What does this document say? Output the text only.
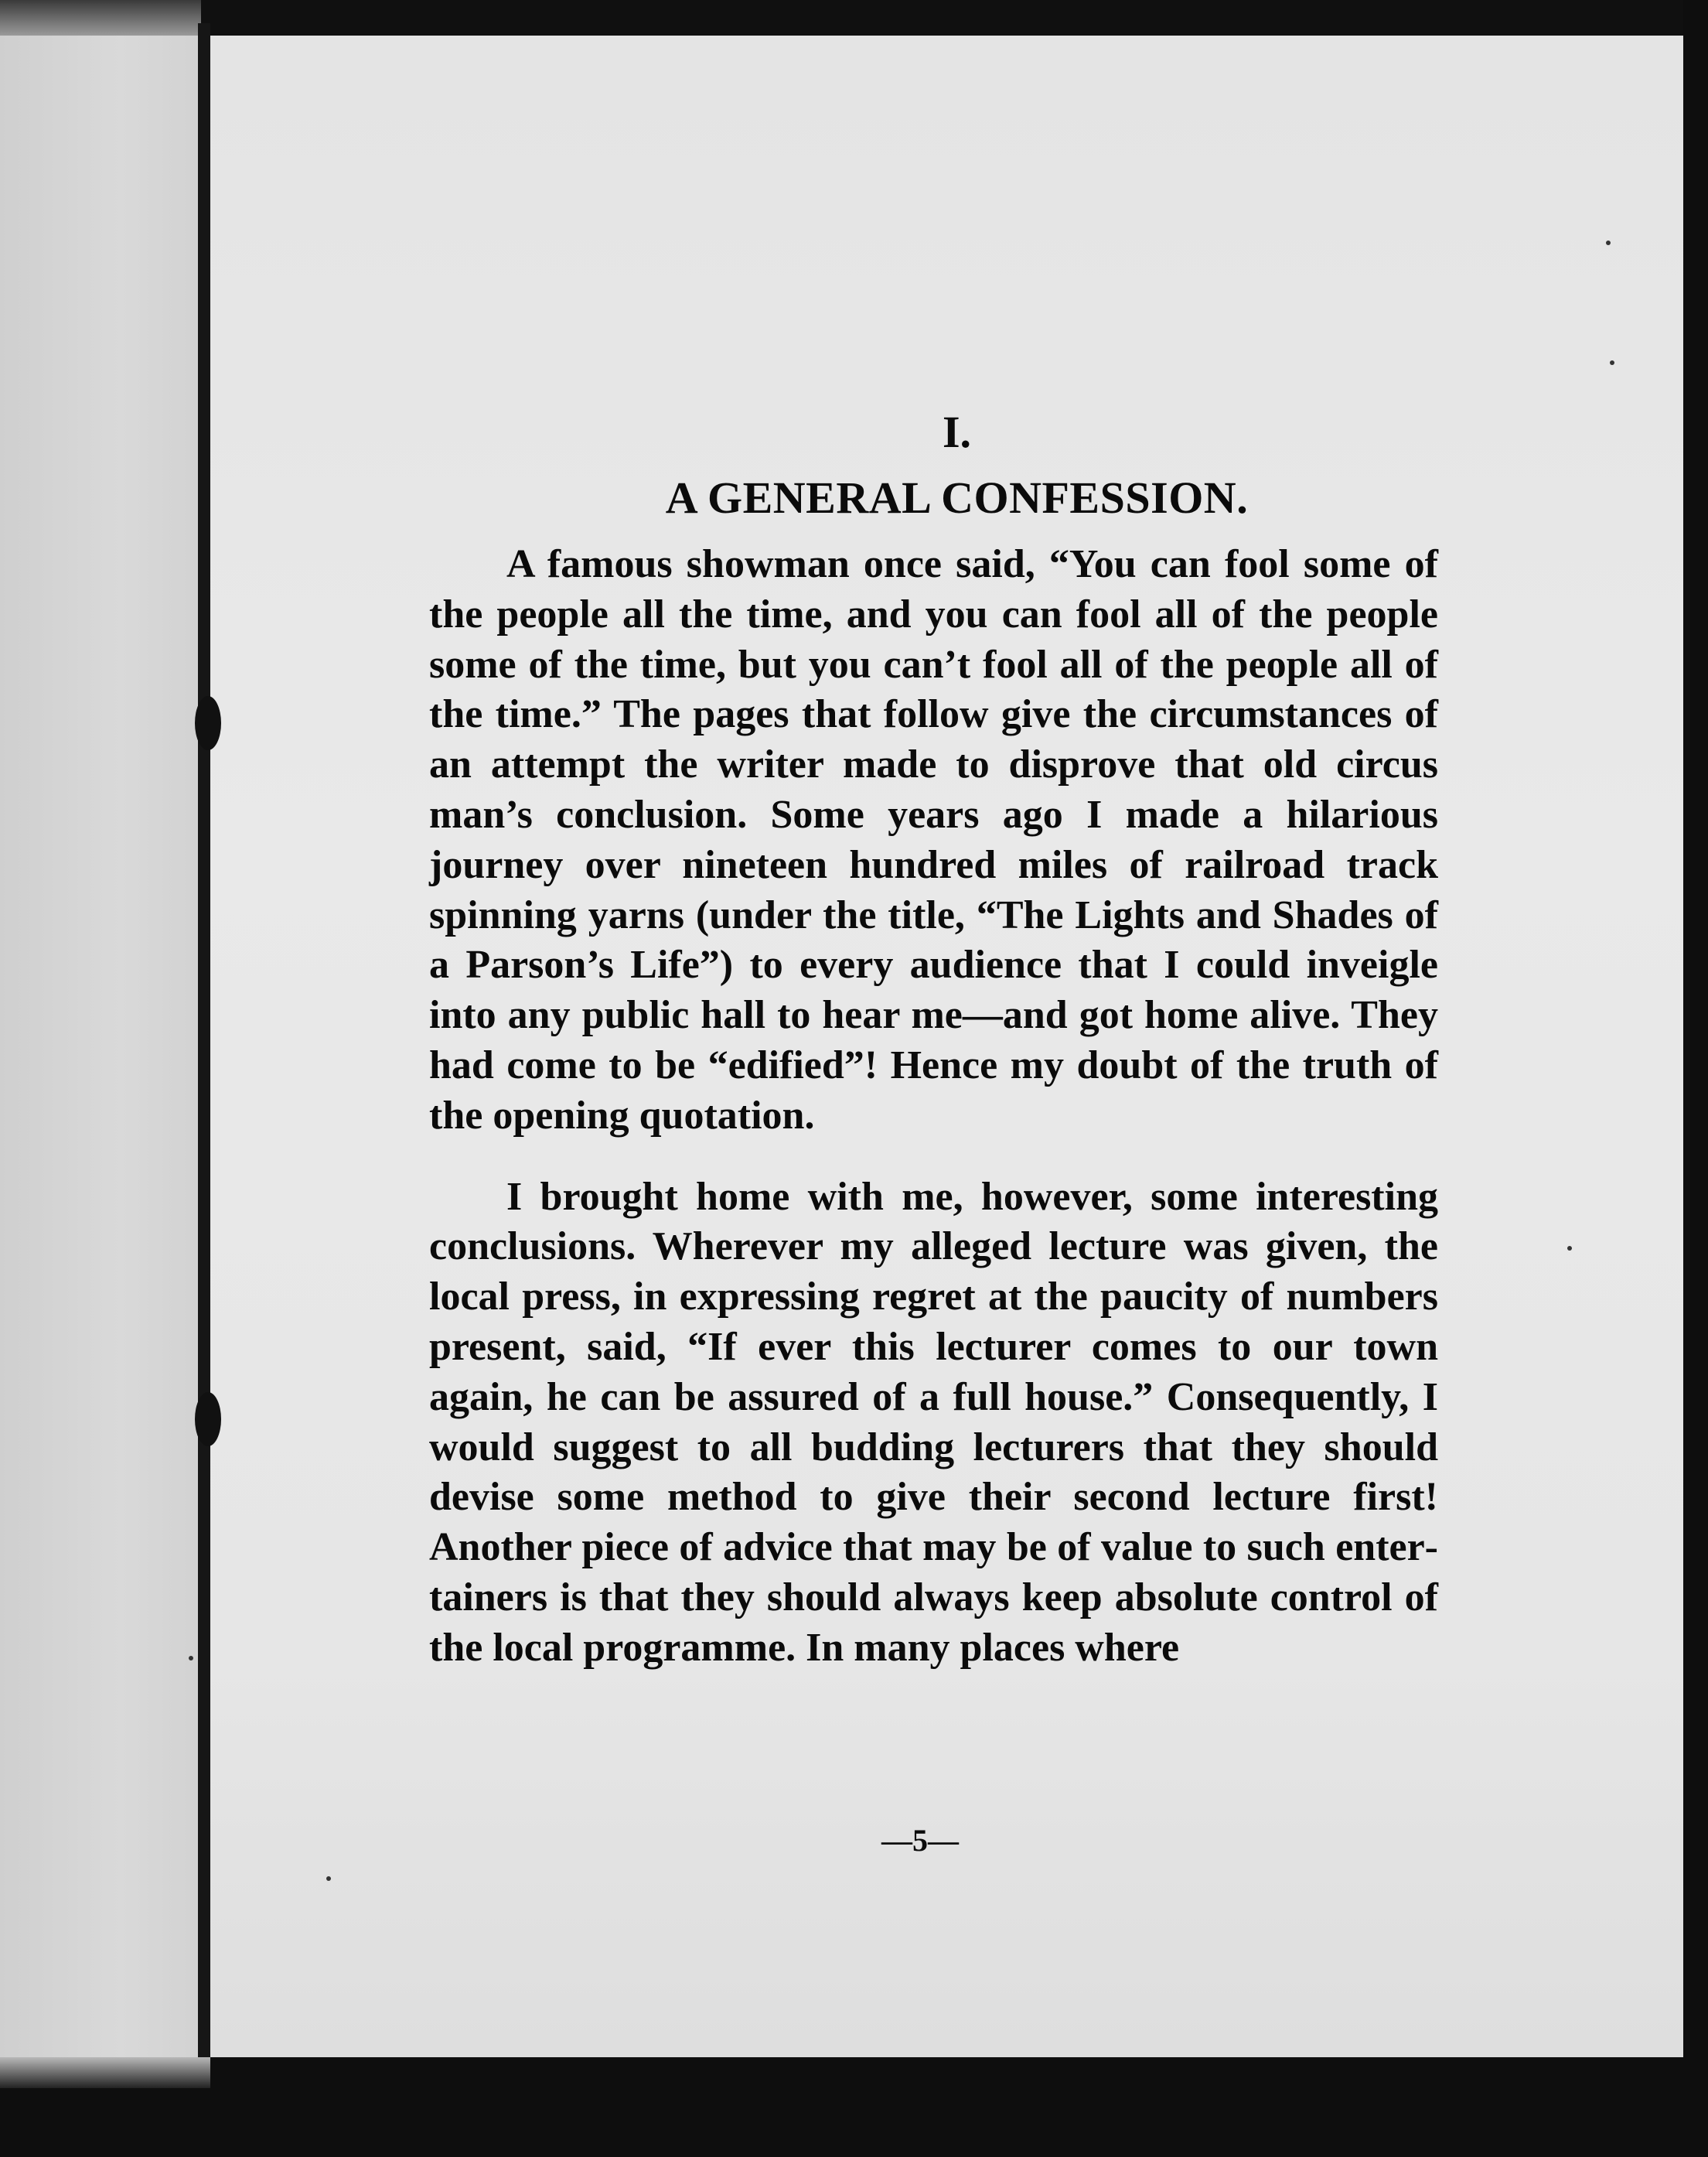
I.
A GENERAL CONFESSION.

A famous showman once said, “You can fool some of the people all the time, and you can fool all of the people some of the time, but you can’t fool all of the people all of the time.” The pages that follow give the circumstances of an attempt the writer made to disprove that old circus man’s conclusion. Some years ago I made a hilarious journey over nineteen hundred miles of railroad track spinning yarns (under the title, “The Lights and Shades of a Parson’s Life”) to every audience that I could inveigle into any public hall to hear me—and got home alive. They had come to be “edified”! Hence my doubt of the truth of the opening quotation.

I brought home with me, however, some interesting conclusions. Wherever my alleged lecture was given, the local press, in expressing regret at the paucity of numbers present, said, “If ever this lecturer comes to our town again, he can be assured of a full house.” Consequently, I would suggest to all budding lecturers that they should devise some method to give their second lecture first! Another piece of advice that may be of value to such entertainers is that they should always keep absolute control of the local programme. In many places where

—5—
